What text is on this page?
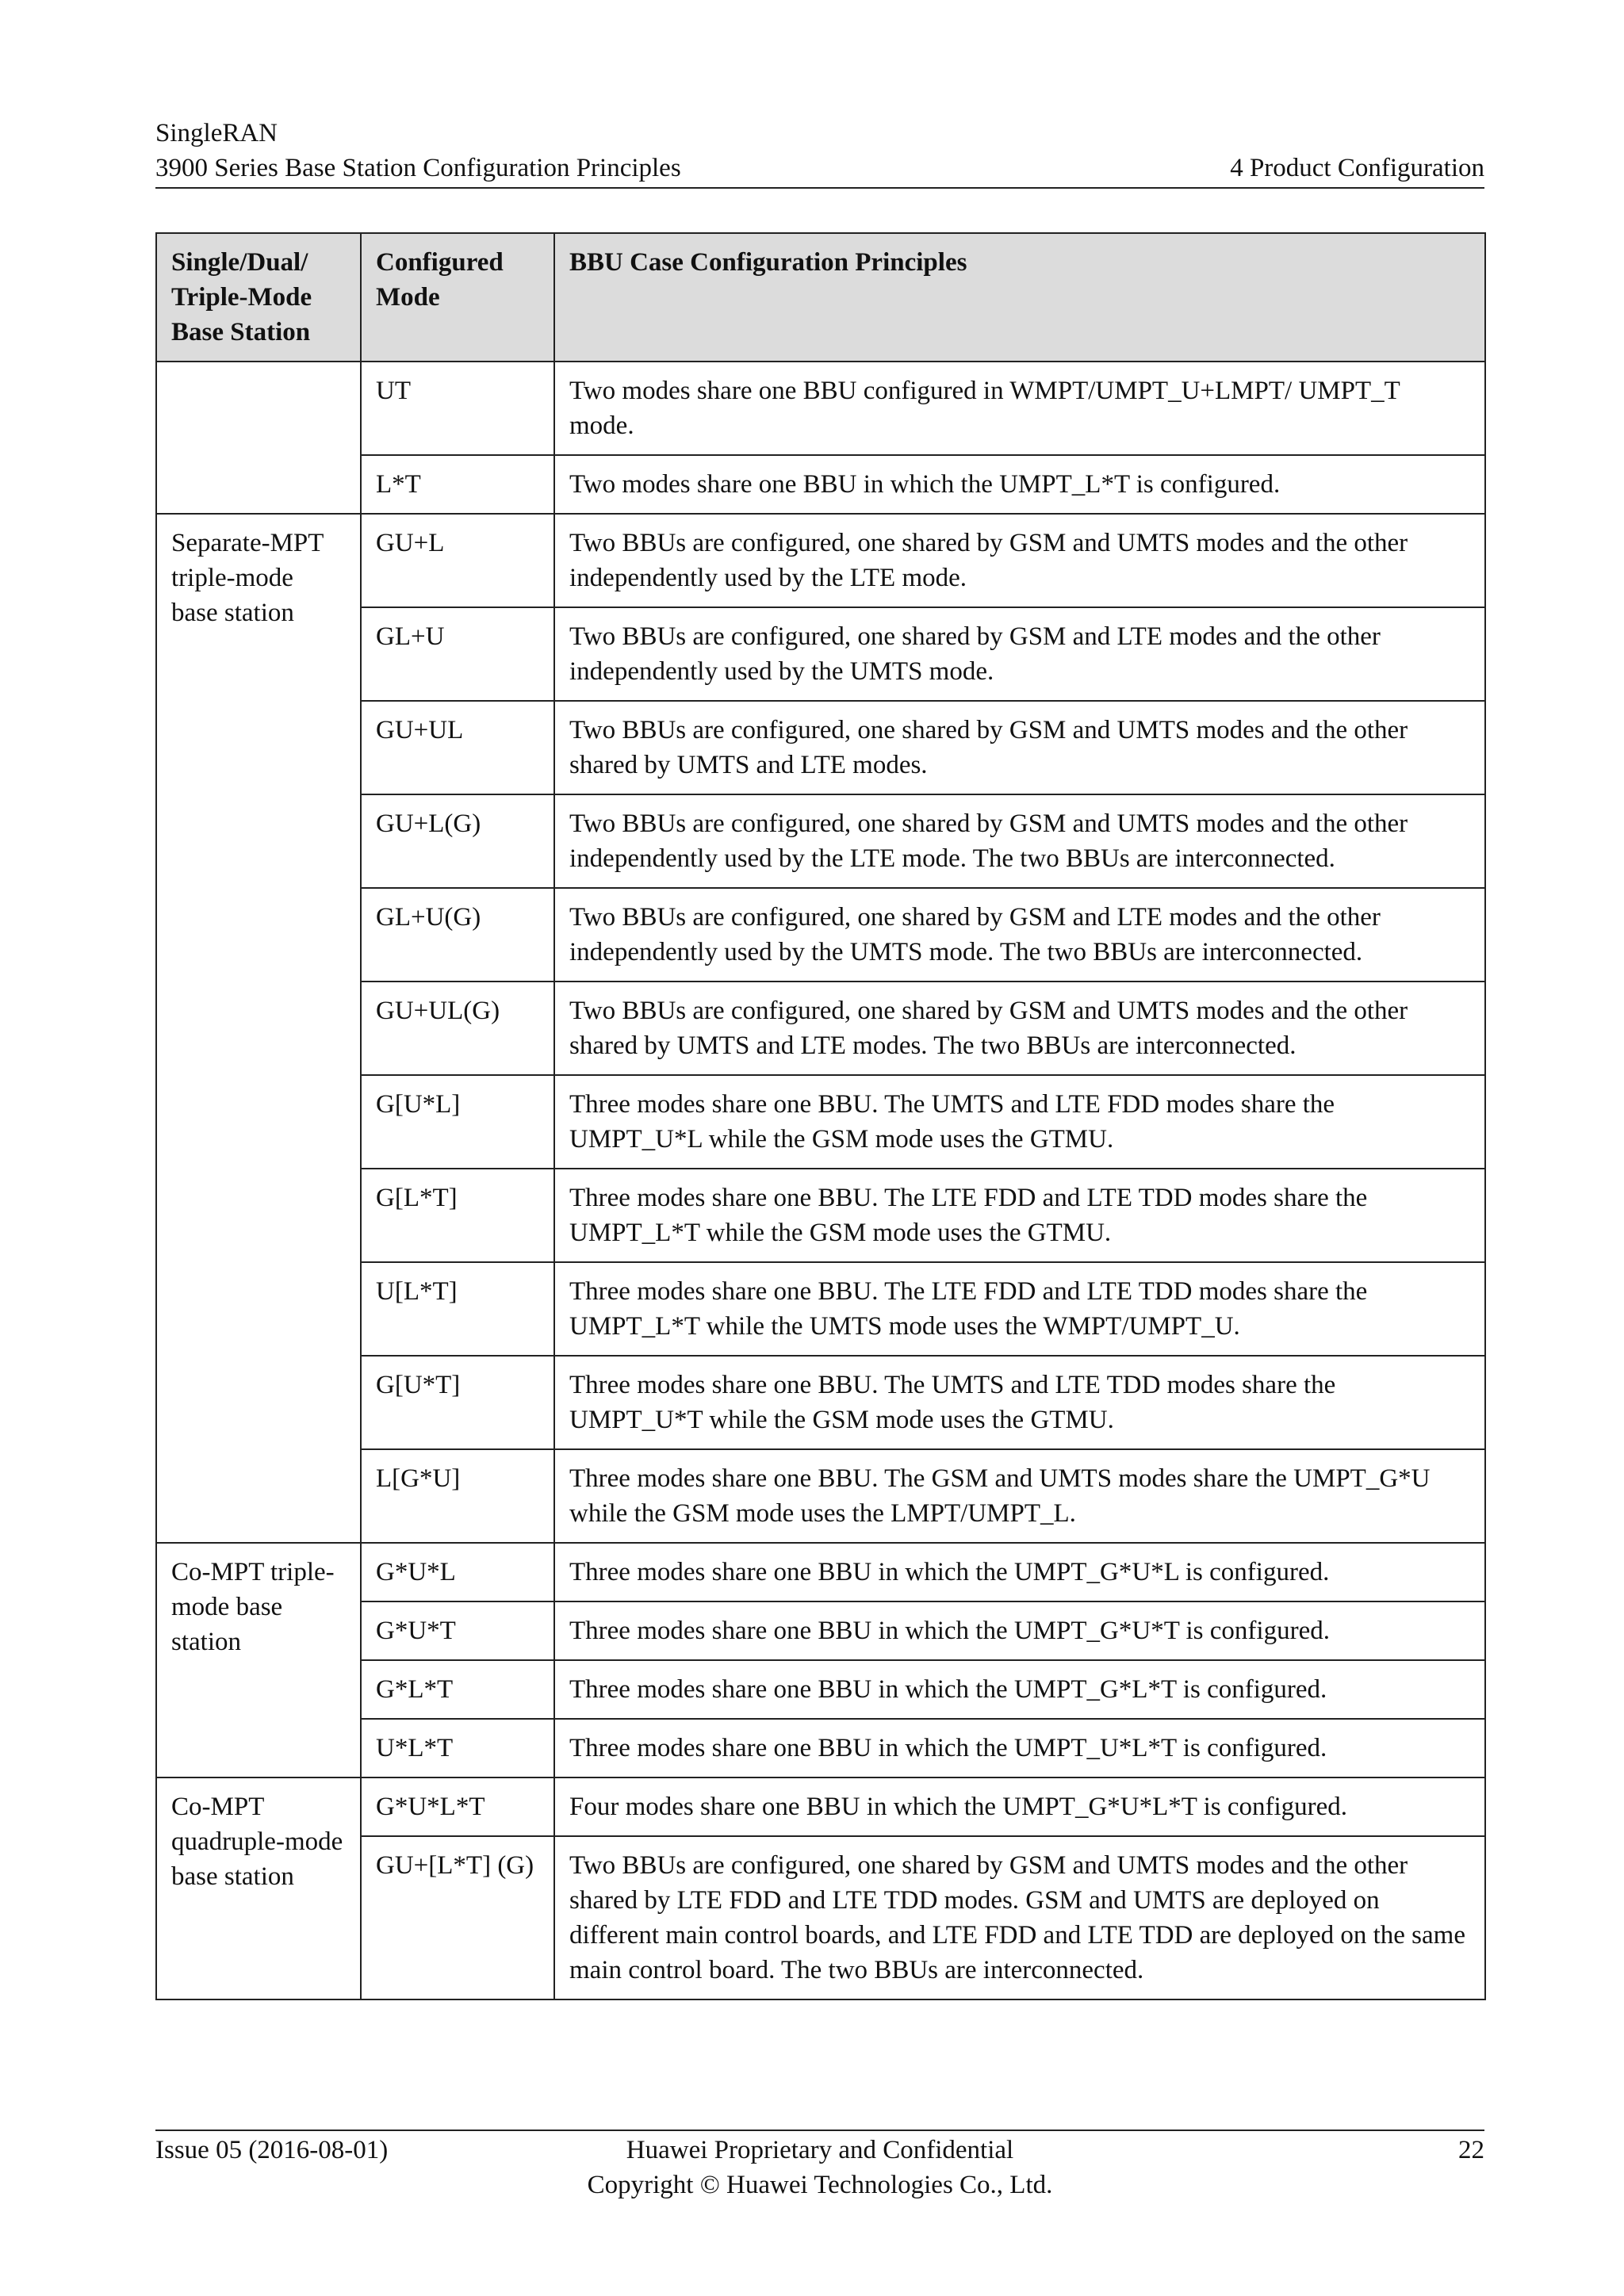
SingleRAN
3900 Series Base Station Configuration Principles	4 Product Configuration
Single/Dual/ Triple-Mode Base Station	Configured Mode	BBU Case Configuration Principles
	UT	Two modes share one BBU configured in WMPT/UMPT_U+LMPT/ UMPT_T mode.
	L*T	Two modes share one BBU in which the UMPT_L*T is configured.
Separate-MPT triple-mode base station	GU+L	Two BBUs are configured, one shared by GSM and UMTS modes and the other independently used by the LTE mode.
	GL+U	Two BBUs are configured, one shared by GSM and LTE modes and the other independently used by the UMTS mode.
	GU+UL	Two BBUs are configured, one shared by GSM and UMTS modes and the other shared by UMTS and LTE modes.
	GU+L(G)	Two BBUs are configured, one shared by GSM and UMTS modes and the other independently used by the LTE mode. The two BBUs are interconnected.
	GL+U(G)	Two BBUs are configured, one shared by GSM and LTE modes and the other independently used by the UMTS mode. The two BBUs are interconnected.
	GU+UL(G)	Two BBUs are configured, one shared by GSM and UMTS modes and the other shared by UMTS and LTE modes. The two BBUs are interconnected.
	G[U*L]	Three modes share one BBU. The UMTS and LTE FDD modes share the UMPT_U*L while the GSM mode uses the GTMU.
	G[L*T]	Three modes share one BBU. The LTE FDD and LTE TDD modes share the UMPT_L*T while the GSM mode uses the GTMU.
	U[L*T]	Three modes share one BBU. The LTE FDD and LTE TDD modes share the UMPT_L*T while the UMTS mode uses the WMPT/UMPT_U.
	G[U*T]	Three modes share one BBU. The UMTS and LTE TDD modes share the UMPT_U*T while the GSM mode uses the GTMU.
	L[G*U]	Three modes share one BBU. The GSM and UMTS modes share the UMPT_G*U while the GSM mode uses the LMPT/UMPT_L.
Co-MPT triple-mode base station	G*U*L	Three modes share one BBU in which the UMPT_G*U*L is configured.
	G*U*T	Three modes share one BBU in which the UMPT_G*U*T is configured.
	G*L*T	Three modes share one BBU in which the UMPT_G*L*T is configured.
	U*L*T	Three modes share one BBU in which the UMPT_U*L*T is configured.
Co-MPT quadruple-mode base station	G*U*L*T	Four modes share one BBU in which the UMPT_G*U*L*T is configured.
	GU+[L*T] (G)	Two BBUs are configured, one shared by GSM and UMTS modes and the other shared by LTE FDD and LTE TDD modes. GSM and UMTS are deployed on different main control boards, and LTE FDD and LTE TDD are deployed on the same main control board. The two BBUs are interconnected.
Issue 05 (2016-08-01)	Huawei Proprietary and Confidential
Copyright © Huawei Technologies Co., Ltd.
22
